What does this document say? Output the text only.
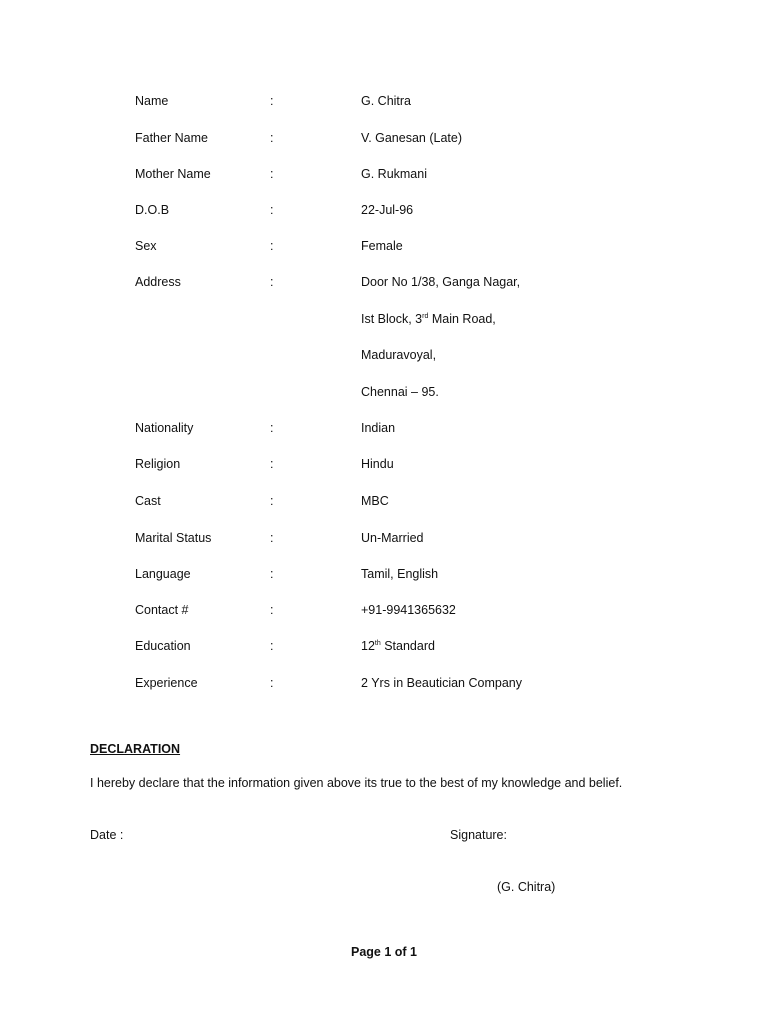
Name	:	G. Chitra
Father Name	:	V. Ganesan (Late)
Mother Name	:	G. Rukmani
D.O.B	:	22-Jul-96
Sex	:	Female
Address	:	Door No 1/38, Ganga Nagar,
Ist Block, 3rd Main Road,
Maduravoyal,
Chennai – 95.
Nationality	:	Indian
Religion	:	Hindu
Cast	:	MBC
Marital Status	:	Un-Married
Language	:	Tamil, English
Contact #	:	+91-9941365632
Education	:	12th Standard
Experience	:	2 Yrs in Beautician Company
DECLARATION
I hereby declare that the information given above its true to the best of my knowledge and belief.
Date :	Signature:
(G. Chitra)
Page 1 of 1
